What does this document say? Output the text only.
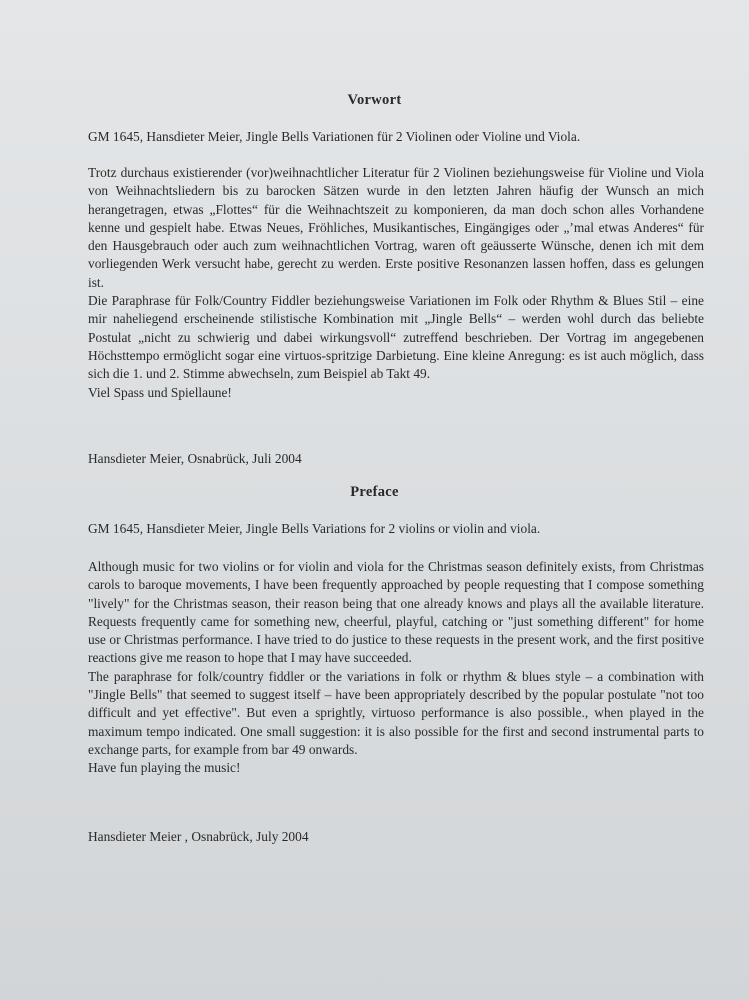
​
Vorwort

GM 1645, Hansdieter Meier, Jingle Bells Variationen für 2 Violinen oder Violine und Viola.

Trotz durchaus existierender (vor)weihnachtlicher Literatur für 2 Violinen beziehungsweise für Violine und Viola von Weihnachtsliedern bis zu barocken Sätzen wurde in den letzten Jahren häufig der Wunsch an mich herangetragen, etwas „Flottes“ für die Weihnachtszeit zu komponieren, da man doch schon alles Vorhandene kenne und gespielt habe. Etwas Neues, Fröhliches, Musikantisches, Eingängiges oder „’mal etwas Anderes“ für den Hausgebrauch oder auch zum weihnachtlichen Vortrag, waren oft geäusserte Wünsche, denen ich mit dem vorliegenden Werk versucht habe, gerecht zu werden. Erste positive Resonanzen lassen hoffen, dass es gelungen ist.

Die Paraphrase für Folk/Country Fiddler beziehungsweise Variationen im Folk oder Rhythm & Blues Stil – eine mir naheliegend erscheinende stilistische Kombination mit „Jingle Bells“ – werden wohl durch das beliebte Postulat „nicht zu schwierig und dabei wirkungsvoll“ zutreffend beschrieben. Der Vortrag im angegebenen Höchsttempo ermöglicht sogar eine virtuos-spritzige Darbietung. Eine kleine Anregung: es ist auch möglich, dass sich die 1. und 2. Stimme abwechseln, zum Beispiel ab Takt 49.

Viel Spass und Spiellaune!

Hansdieter Meier, Osnabrück, Juli 2004

Preface

GM 1645, Hansdieter Meier, Jingle Bells Variations for 2 violins or violin and viola.

Although music for two violins or for violin and viola for the Christmas season definitely exists, from Christmas carols to baroque movements, I have been frequently approached by people requesting that I compose something "lively" for the Christmas season, their reason being that one already knows and plays all the available literature. Requests frequently came for something new, cheerful, playful, catching or "just something different" for home use or Christmas performance. I have tried to do justice to these requests in the present work, and the first positive reactions give me reason to hope that I may have succeeded.

The paraphrase for folk/country fiddler or the variations in folk or rhythm & blues style – a combination with "Jingle Bells" that seemed to suggest itself – have been appropriately described by the popular postulate "not too difficult and yet effective". But even a sprightly, virtuoso performance is also possible., when played in the maximum tempo indicated. One small suggestion: it is also possible for the first and second instrumental parts to exchange parts, for example from bar 49 onwards.

Have fun playing the music!

Hansdieter Meier , Osnabrück, July 2004
